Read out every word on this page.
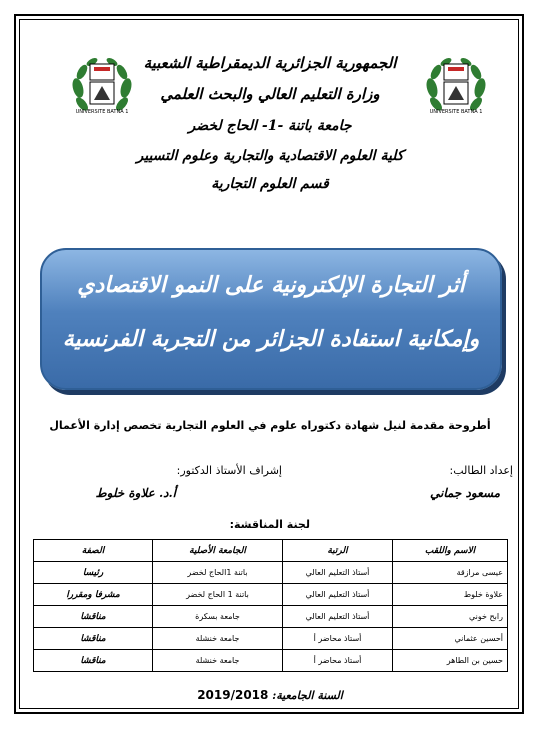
UNIVERSITE BATNA 1	UNIVERSITE BATNA 1
الجمهورية الجزائرية الديمقراطية الشعبية
وزارة التعليم العالي والبحث العلمي
جامعة باتنة -1- الحاج لخضر
كلية العلوم الاقتصادية والتجارية وعلوم التسيير
قسم العلوم التجارية
أثر التجارة الإلكترونية على النمو الاقتصادي
وإمكانية استفادة الجزائر من التجربة الفرنسية
أطروحة مقدمة لنيل شهادة دكتوراه علوم في العلوم التجارية تخصص إدارة الأعمال
إعداد الطالب:
إشراف الأستاذ الدكتور:
مسعود جماني
أ.د. علاوة خلوط
لجنة المناقشة:
الاسم واللقب	الرتبة	الجامعة الأصلية	الصفة
عيسى مرازقة	أستاذ التعليم العالي	باتنة 1الحاج لخضر	رئيسا
علاوة خلوط	أستاذ التعليم العالي	باتنة 1 الحاج لخضر	مشرفا ومقررا
رابح خوني	أستاذ التعليم العالي	جامعة بسكرة	مناقشا
أحسين عثماني	أستاذ محاضر أ	جامعة خنشلة	مناقشا
حسين بن الطاهر	أستاذ محاضر أ	جامعة خنشلة	مناقشا
السنة الجامعية: 2019/2018
